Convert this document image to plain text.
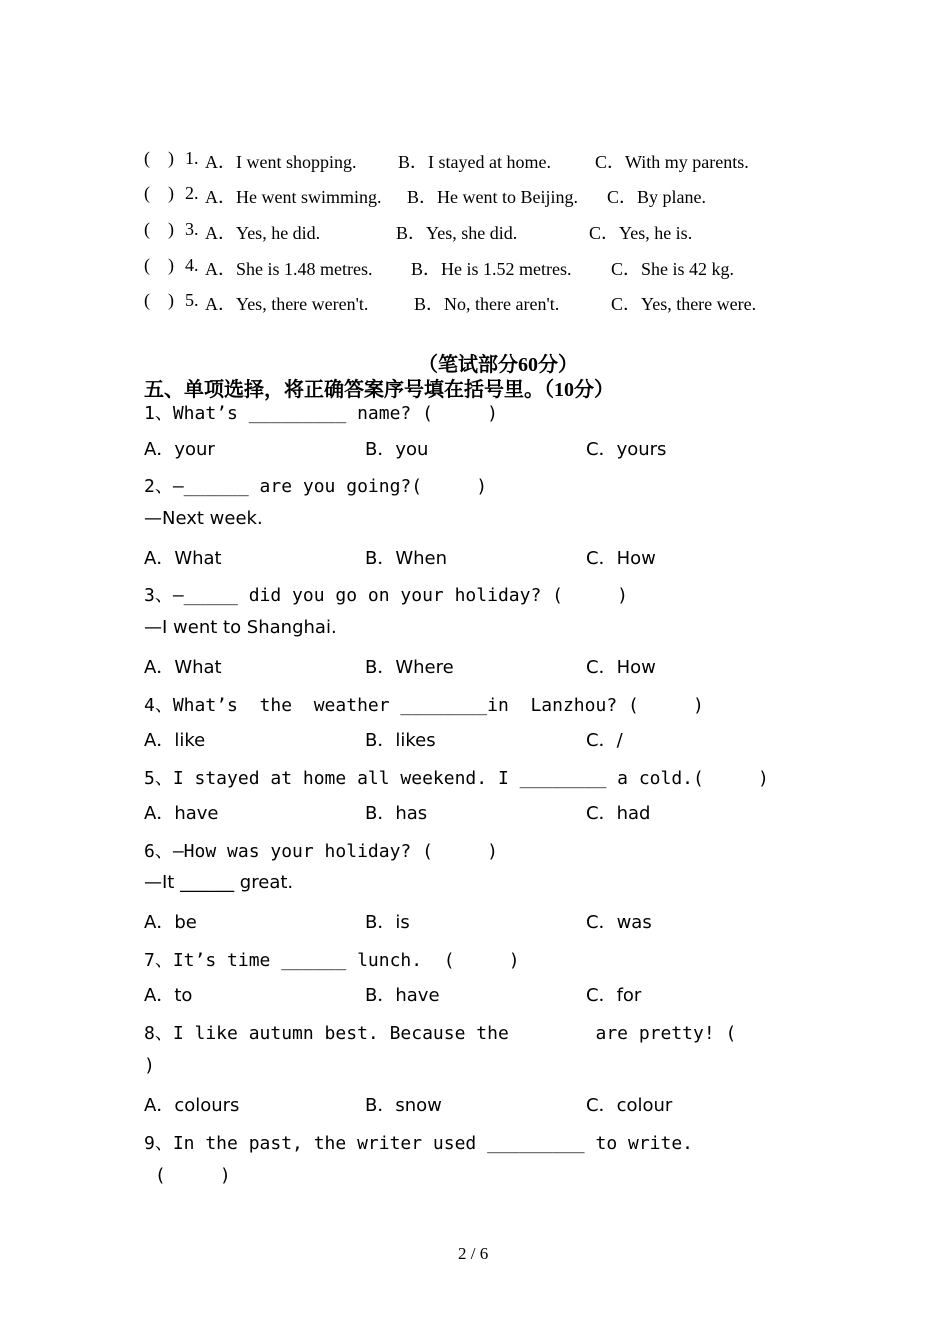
(    ) 1. A．I went shopping. B．I stayed at home. C．With my parents.
(    ) 2. A．He went swimming. B．He went to Beijing. C．By plane.
(    ) 3. A．Yes, he did.	B．Yes, she did.	C．Yes, he is.
(    ) 4. A．She is 1.48 metres. B．He is 1.52 metres. C．She is 42 kg.
(    ) 5. A．Yes, there weren't.	B．No, there aren't.	C．Yes, there were.
（笔试部分60分）
五、单项选择，将正确答案序号填在括号里。（10分）
1、What’s _________ name? (     )
A．your	B．you	C．yours
2、—______ are you going?(     )
—Next week.
A．What	B．When	C．How
3、—_____ did you go on your holiday? (     )
—I went to Shanghai.
A．What	B．Where	C．How
4、What’s  the  weather ________in  Lanzhou? (     )
A．like	B．likes	C．/
5、I stayed at home all weekend. I ________ a cold.(     )
A．have	B．has	C．had
6、—How was your holiday? (     )
—It ______ great.
A．be	B．is	C．was
7、It’s time ______ lunch.  (     )
A．to	B．have	C．for
8、I like autumn best. Because the        are pretty! (
)
A．colours	B．snow	C．colour
9、In the past, the writer used _________ to write.
(     )
2 / 6
